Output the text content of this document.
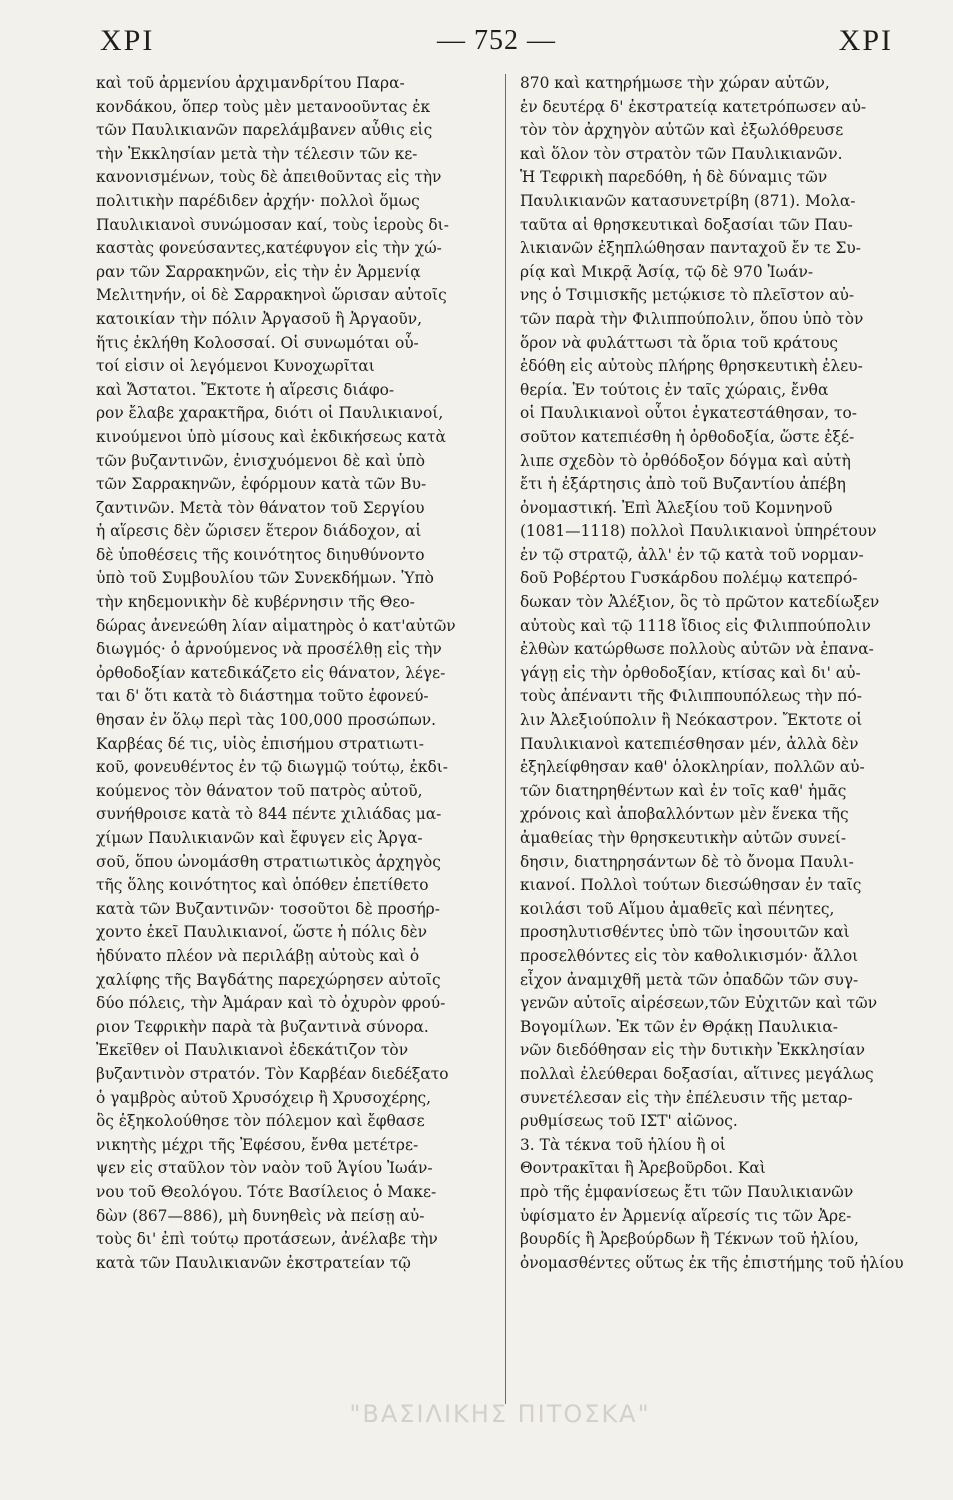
ΧΡΙ	— 752 —	ΧΡΙ
καὶ τοῦ ἀρμενίου ἀρχιμανδρίτου Παρα-
κονδάκου, ὅπερ τοὺς μὲν μετανοοῦντας ἐκ
τῶν Παυλικιανῶν παρελάμβανεν αὖθις εἰς
τὴν Ἐκκλησίαν μετὰ τὴν τέλεσιν τῶν κε-
κανονισμένων, τοὺς δὲ ἀπειθοῦντας εἰς τὴν
πολιτικὴν παρέδιδεν ἀρχήν· πολλοὶ ὅμως
Παυλικιανοὶ συνώμοσαν καί, τοὺς ἱεροὺς δι-
καστὰς φονεύσαντες,κατέφυγον εἰς τὴν χώ-
ραν τῶν Σαρρακηνῶν, εἰς τὴν ἐν Ἀρμενίᾳ
Μελιτηνήν, οἱ δὲ Σαρρακηνοὶ ὥρισαν αὐτοῖς
κατοικίαν τὴν πόλιν Ἀργασοῦ ἢ Ἀργαοῦν,
ἥτις ἐκλήθη Κολοσσαί. Οἱ συνωμόται οὗ-
τοί εἰσιν οἱ λεγόμενοι Κυνοχωρῖται
καὶ Ἄστατοι. Ἔκτοτε ἡ αἵρεσις διάφο-
ρον ἔλαβε χαρακτῆρα, διότι οἱ Παυλικιανοί,
κινούμενοι ὑπὸ μίσους καὶ ἐκδικήσεως κατὰ
τῶν βυζαντινῶν, ἐνισχυόμενοι δὲ καὶ ὑπὸ
τῶν Σαρρακηνῶν, ἐφόρμουν κατὰ τῶν Βυ-
ζαντινῶν. Μετὰ τὸν θάνατον τοῦ Σεργίου
ἡ αἵρεσις δὲν ὥρισεν ἕτερον διάδοχον, αἱ
δὲ ὑποθέσεις τῆς κοινότητος διηυθύνοντο
ὑπὸ τοῦ Συμβουλίου τῶν Συνεκδήμων. Ὑπὸ
τὴν κηδεμονικὴν δὲ κυβέρνησιν τῆς Θεο-
δώρας ἀνενεώθη λίαν αἱματηρὸς ὁ κατ'αὐτῶν
διωγμός· ὁ ἀρνούμενος νὰ προσέλθῃ εἰς τὴν
ὀρθοδοξίαν κατεδικάζετο εἰς θάνατον, λέγε-
ται δ' ὅτι κατὰ τὸ διάστημα τοῦτο ἐφονεύ-
θησαν ἐν ὅλῳ περὶ τὰς 100,000 προσώπων.
Καρβέας δέ τις, υἱὸς ἐπισήμου στρατιωτι-
κοῦ, φονευθέντος ἐν τῷ διωγμῷ τούτῳ, ἐκδι-
κούμενος τὸν θάνατον τοῦ πατρὸς αὐτοῦ,
συνήθροισε κατὰ τὸ 844 πέντε χιλιάδας μα-
χίμων Παυλικιανῶν καὶ ἔφυγεν εἰς Ἀργα-
σοῦ, ὅπου ὠνομάσθη στρατιωτικὸς ἀρχηγὸς
τῆς ὅλης κοινότητος καὶ ὁπόθεν ἐπετίθετο
κατὰ τῶν Βυζαντινῶν· τοσοῦτοι δὲ προσήρ-
χοντο ἐκεῖ Παυλικιανοί, ὥστε ἡ πόλις δὲν
ἠδύνατο πλέον νὰ περιλάβῃ αὐτοὺς καὶ ὁ
χαλίφης τῆς Βαγδάτης παρεχώρησεν αὐτοῖς
δύο πόλεις, τὴν Ἀμάραν καὶ τὸ ὀχυρὸν φρού-
ριον Τεφρικὴν παρὰ τὰ βυζαντινὰ σύνορα.
Ἐκεῖθεν οἱ Παυλικιανοὶ ἐδεκάτιζον τὸν
βυζαντινὸν στρατόν. Τὸν Καρβέαν διεδέξατο
ὁ γαμβρὸς αὐτοῦ Χρυσόχειρ ἢ Χρυσοχέρης,
ὃς ἐξηκολούθησε τὸν πόλεμον καὶ ἔφθασε
νικητὴς μέχρι τῆς Ἐφέσου, ἔνθα μετέτρε-
ψεν εἰς σταῦλον τὸν ναὸν τοῦ Ἁγίου Ἰωάν-
νου τοῦ Θεολόγου. Τότε Βασίλειος ὁ Μακε-
δὼν (867—886), μὴ δυνηθεὶς νὰ πείσῃ αὐ-
τοὺς δι' ἐπὶ τούτῳ προτάσεων, ἀνέλαβε τὴν
κατὰ τῶν Παυλικιανῶν ἐκστρατείαν τῷ
870 καὶ κατηρήμωσε τὴν χώραν αὐτῶν,
ἐν δευτέρᾳ δ' ἐκστρατείᾳ κατετρόπωσεν αὐ-
τὸν τὸν ἀρχηγὸν αὐτῶν καὶ ἐξωλόθρευσε
καὶ ὅλον τὸν στρατὸν τῶν Παυλικιανῶν.
Ἡ Τεφρικὴ παρεδόθη, ἡ δὲ δύναμις τῶν
Παυλικιανῶν κατασυνετρίβη (871). Μολα-
ταῦτα αἱ θρησκευτικαὶ δοξασίαι τῶν Παυ-
λικιανῶν ἐξηπλώθησαν πανταχοῦ ἔν τε Συ-
ρίᾳ καὶ Μικρᾷ Ἀσίᾳ, τῷ δὲ 970 Ἰωάν-
νης ὁ Τσιμισκῆς μετῴκισε τὸ πλεῖστον αὐ-
τῶν παρὰ τὴν Φιλιππούπολιν, ὅπου ὑπὸ τὸν
ὅρον νὰ φυλάττωσι τὰ ὅρια τοῦ κράτους
ἐδόθη εἰς αὐτοὺς πλήρης θρησκευτικὴ ἐλευ-
θερία. Ἐν τούτοις ἐν ταῖς χώραις, ἔνθα
οἱ Παυλικιανοὶ οὗτοι ἐγκατεστάθησαν, το-
σοῦτον κατεπιέσθη ἡ ὀρθοδοξία, ὥστε ἐξέ-
λιπε σχεδὸν τὸ ὀρθόδοξον δόγμα καὶ αὐτὴ
ἔτι ἡ ἐξάρτησις ἀπὸ τοῦ Βυζαντίου ἀπέβη
ὀνομαστική. Ἐπὶ Ἀλεξίου τοῦ Κομνηνοῦ
(1081—1118) πολλοὶ Παυλικιανοὶ ὑπηρέτουν
ἐν τῷ στρατῷ, ἀλλ' ἐν τῷ κατὰ τοῦ νορμαν-
δοῦ Ροβέρτου Γυσκάρδου πολέμῳ κατεπρό-
δωκαν τὸν Ἀλέξιον, ὃς τὸ πρῶτον κατεδίωξεν
αὐτοὺς καὶ τῷ 1118 ἴδιος εἰς Φιλιππούπολιν
ἐλθὼν κατώρθωσε πολλοὺς αὐτῶν νὰ ἐπανα-
γάγῃ εἰς τὴν ὀρθοδοξίαν, κτίσας καὶ δι' αὐ-
τοὺς ἀπέναντι τῆς Φιλιππουπόλεως τὴν πό-
λιν Ἀλεξιούπολιν ἢ Νεόκαστρον. Ἔκτοτε οἱ
Παυλικιανοὶ κατεπιέσθησαν μέν, ἀλλὰ δὲν
ἐξηλείφθησαν καθ' ὁλοκληρίαν, πολλῶν αὐ-
τῶν διατηρηθέντων καὶ ἐν τοῖς καθ' ἡμᾶς
χρόνοις καὶ ἀποβαλλόντων μὲν ἕνεκα τῆς
ἀμαθείας τὴν θρησκευτικὴν αὐτῶν συνεί-
δησιν, διατηρησάντων δὲ τὸ ὄνομα Παυλι-
κιανοί. Πολλοὶ τούτων διεσώθησαν ἐν ταῖς
κοιλάσι τοῦ Αἵμου ἀμαθεῖς καὶ πένητες,
προσηλυτισθέντες ὑπὸ τῶν ἰησουιτῶν καὶ
προσελθόντες εἰς τὸν καθολικισμόν· ἄλλοι
εἶχον ἀναμιχθῆ μετὰ τῶν ὀπαδῶν τῶν συγ-
γενῶν αὐτοῖς αἱρέσεων,τῶν Εὐχιτῶν καὶ τῶν
Βογομίλων. Ἐκ τῶν ἐν Θρᾴκῃ Παυλικια-
νῶν διεδόθησαν εἰς τὴν δυτικὴν Ἐκκλησίαν
πολλαὶ ἐλεύθεραι δοξασίαι, αἵτινες μεγάλως
συνετέλεσαν εἰς τὴν ἐπέλευσιν τῆς μεταρ-
ρυθμίσεως τοῦ ΙΣΤ' αἰῶνος.
3. Τὰ τέκνα τοῦ ἡλίου ἢ οἱ
Θοντρακῖται ἢ Ἀρεβοῦρδοι. Καὶ
πρὸ τῆς ἐμφανίσεως ἔτι τῶν Παυλικιανῶν
ὑφίσματο ἐν Ἀρμενίᾳ αἵρεσίς τις τῶν Ἀρε-
βουρδίς ἢ Ἀρεβούρδων ἢ Τέκνων τοῦ ἡλίου,
ὀνομασθέντες οὕτως ἐκ τῆς ἐπιστήμης τοῦ ἡλίου
"ΒΑΣΙΛΙΚΗΣ ΠΙΤΟΣΚΑ"
